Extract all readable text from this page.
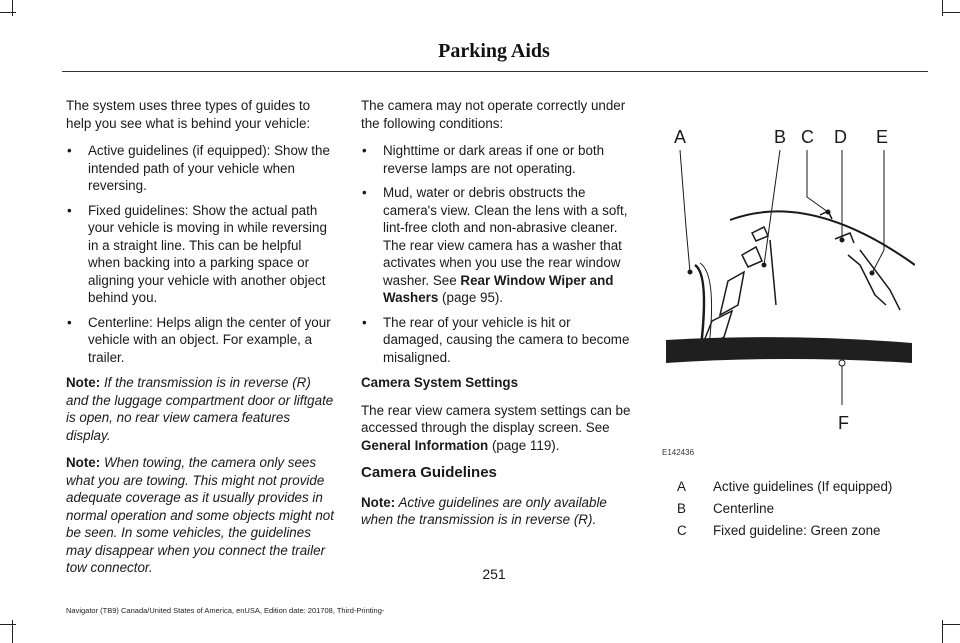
Parking Aids

The system uses three types of guides to help you see what is behind your vehicle:

• Active guidelines (if equipped): Show the intended path of your vehicle when reversing.
• Fixed guidelines: Show the actual path your vehicle is moving in while reversing in a straight line. This can be helpful when backing into a parking space or aligning your vehicle with another object behind you.
• Centerline: Helps align the center of your vehicle with an object. For example, a trailer.

Note: If the transmission is in reverse (R) and the luggage compartment door or liftgate is open, no rear view camera features display.

Note: When towing, the camera only sees what you are towing. This might not provide adequate coverage as it usually provides in normal operation and some objects might not be seen. In some vehicles, the guidelines may disappear when you connect the trailer tow connector.

The camera may not operate correctly under the following conditions:

• Nighttime or dark areas if one or both reverse lamps are not operating.
• Mud, water or debris obstructs the camera's view. Clean the lens with a soft, lint-free cloth and non-abrasive cleaner. The rear view camera has a washer that activates when you use the rear window washer. See Rear Window Wiper and Washers (page 95).
• The rear of your vehicle is hit or damaged, causing the camera to become misaligned.
Camera System Settings

The rear view camera system settings can be accessed through the display screen. See General Information (page 119).

Camera Guidelines

Note: Active guidelines are only available when the transmission is in reverse (R).

A	B C D E
F
E142436
A	Active guidelines (If equipped)
B	Centerline
C	Fixed guideline: Green zone
251
Navigator (TB9) Canada/United States of America, enUSA, Edition date: 201708, Third-Printing-
